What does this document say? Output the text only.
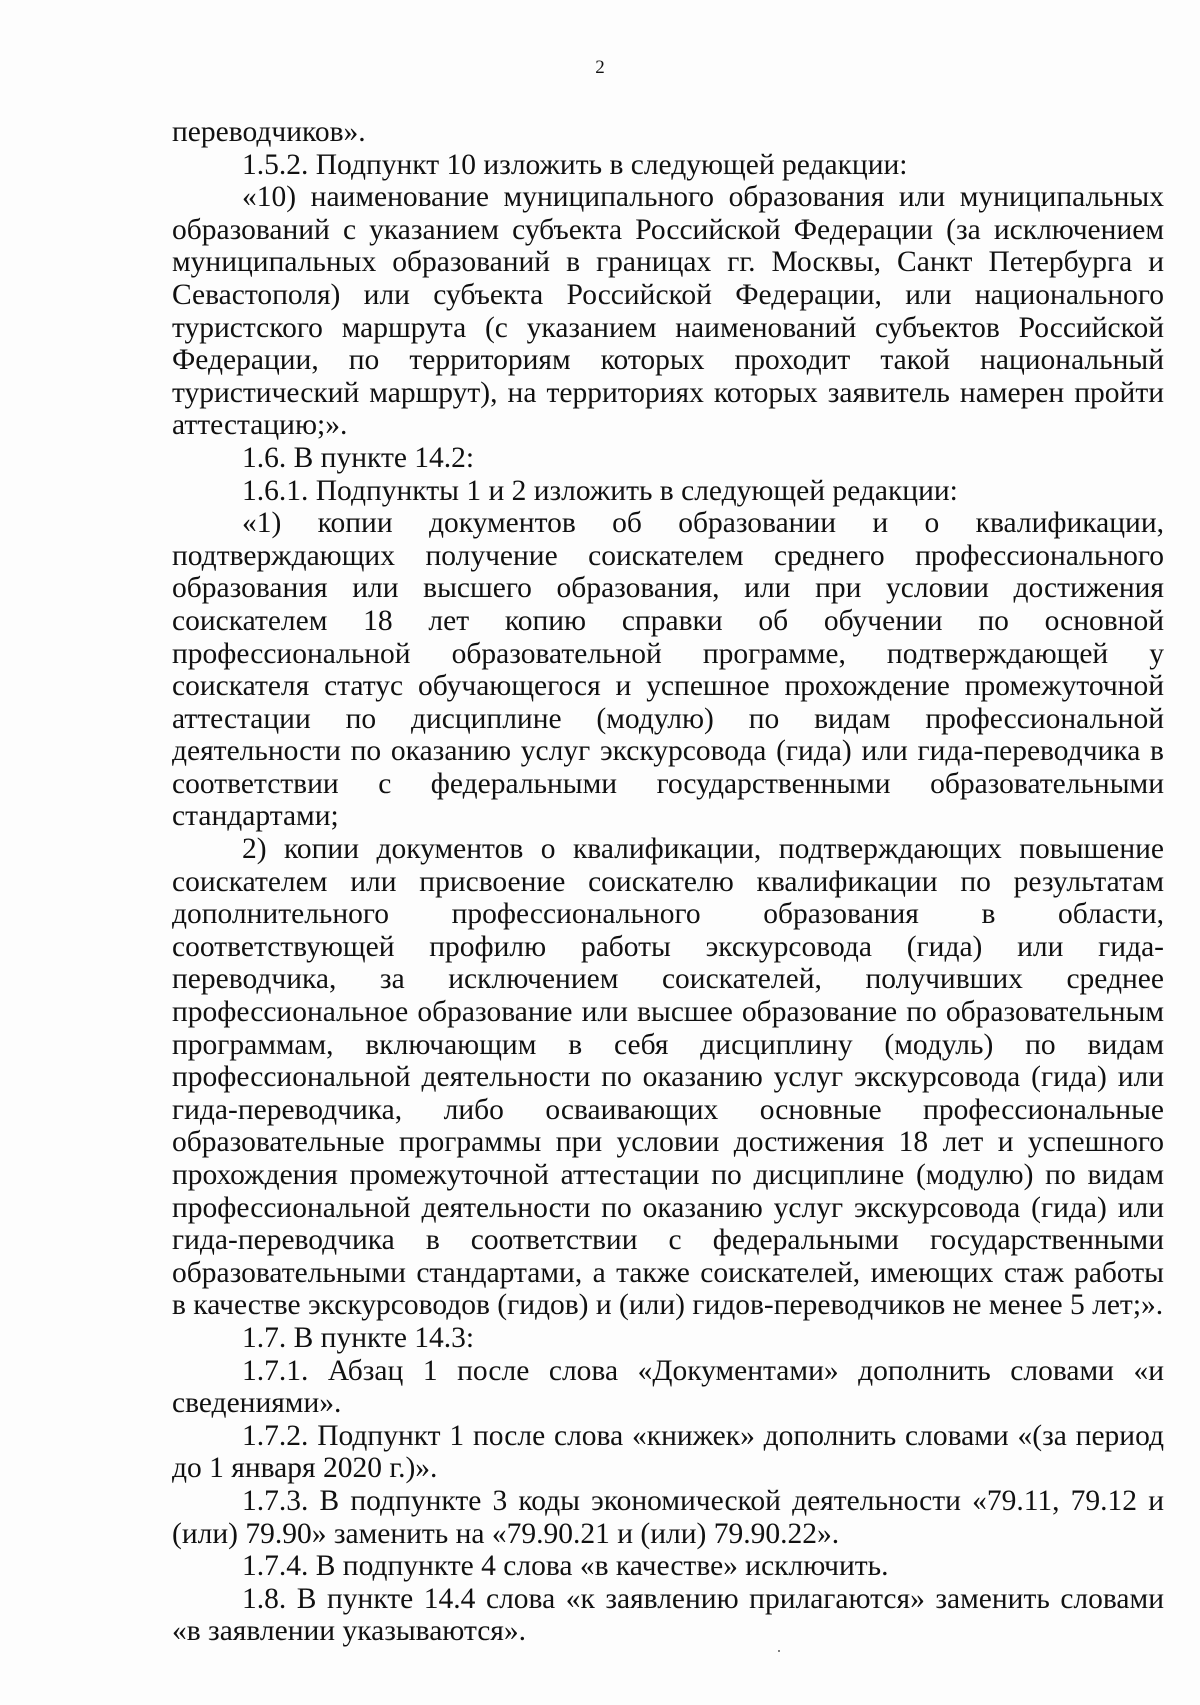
2

переводчиков».

1.5.2. Подпункт 10 изложить в следующей редакции:

«10) наименование муниципального образования или муниципальных образований с указанием субъекта Российской Федерации (за исключением муниципальных образований в границах гг. Москвы, Санкт Петербурга и Севастополя) или субъекта Российской Федерации, или национального туристского маршрута (с указанием наименований субъектов Российской Федерации, по территориям которых проходит такой национальный туристический маршрут), на территориях которых заявитель намерен пройти аттестацию;».

1.6. В пункте 14.2:

1.6.1. Подпункты 1 и 2 изложить в следующей редакции:

«1) копии документов об образовании и о квалификации, подтверждающих получение соискателем среднего профессионального образования или высшего образования, или при условии достижения соискателем 18 лет копию справки об обучении по основной профессиональной образовательной программе, подтверждающей у соискателя статус обучающегося и успешное прохождение промежуточной аттестации по дисциплине (модулю) по видам профессиональной деятельности по оказанию услуг экскурсовода (гида) или гида-переводчика в соответствии с федеральными государственными образовательными стандартами;

2) копии документов о квалификации, подтверждающих повышение соискателем или присвоение соискателю квалификации по результатам дополнительного профессионального образования в области, соответствующей профилю работы экскурсовода (гида) или гида-переводчика, за исключением соискателей, получивших среднее профессиональное образование или высшее образование по образовательным программам, включающим в себя дисциплину (модуль) по видам профессиональной деятельности по оказанию услуг экскурсовода (гида) или гида-переводчика, либо осваивающих основные профессиональные образовательные программы при условии достижения 18 лет и успешного прохождения промежуточной аттестации по дисциплине (модулю) по видам профессиональной деятельности по оказанию услуг экскурсовода (гида) или гида-переводчика в соответствии с федеральными государственными образовательными стандартами, а также соискателей, имеющих стаж работы в качестве экскурсоводов (гидов) и (или) гидов-переводчиков не менее 5 лет;».

1.7. В пункте 14.3:

1.7.1. Абзац 1 после слова «Документами» дополнить словами «и сведениями».

1.7.2. Подпункт 1 после слова «книжек» дополнить словами «(за период до 1 января 2020 г.)».

1.7.3. В подпункте 3 коды экономической деятельности «79.11, 79.12 и (или) 79.90» заменить на «79.90.21 и (или) 79.90.22».

1.7.4. В подпункте 4 слова «в качестве» исключить.

1.8. В пункте 14.4 слова «к заявлению прилагаются» заменить словами «в заявлении указываются».
